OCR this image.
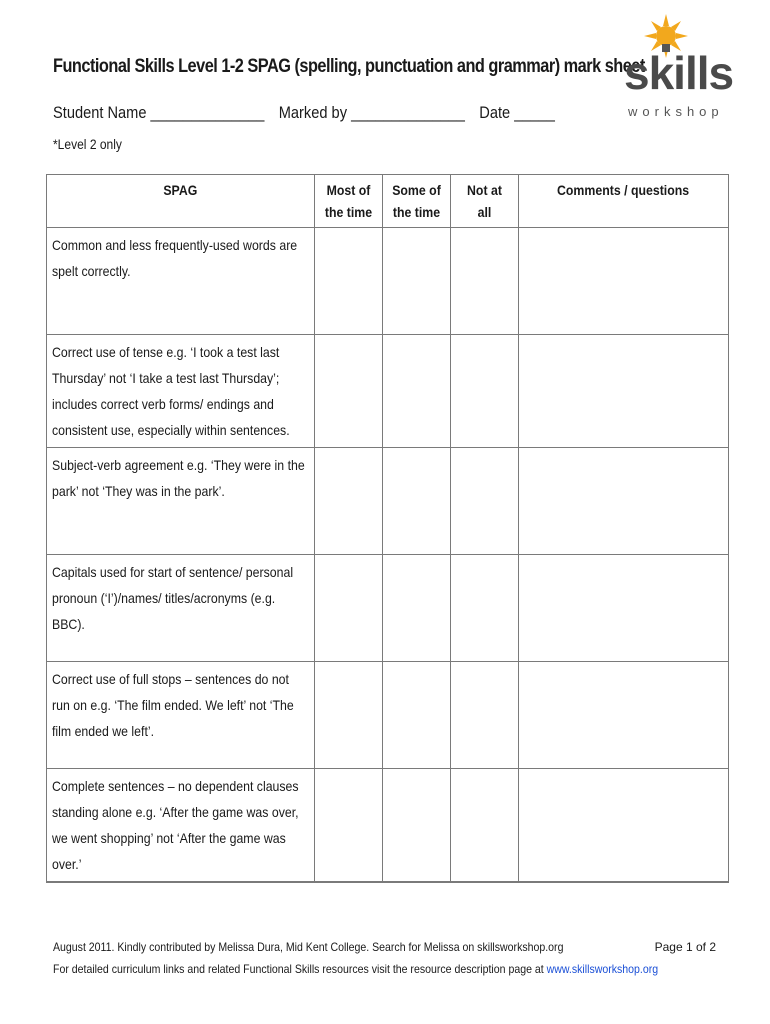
Functional Skills Level 1-2 SPAG (spelling, punctuation and grammar) mark sheet
Student Name ______________ Marked by ______________ Date _____
*Level 2 only
skills
workshop
SPAG	Most of the time	Some of the time	Not at all	Comments / questions
Common and less frequently-used words are spelt correctly.				
Correct use of tense e.g. ‘I took a test last Thursday’ not ‘I take a test last Thursday’; includes correct verb forms/ endings and consistent use, especially within sentences.				
Subject-verb agreement e.g. ‘They were in the park’ not ‘They was in the park’.				
Capitals used for start of sentence/ personal pronoun (‘I’)/names/ titles/acronyms (e.g. BBC).				
Correct use of full stops – sentences do not run on e.g. ‘The film ended. We left’ not ‘The film ended we left’.				
Complete sentences – no dependent clauses standing alone e.g. ‘After the game was over, we went shopping’ not ‘After the game was over.’				
August 2011. Kindly contributed by Melissa Dura, Mid Kent College. Search for Melissa on skillsworkshop.org
For detailed curriculum links and related Functional Skills resources visit the resource description page at www.skillsworkshop.org
Page 1 of 2
